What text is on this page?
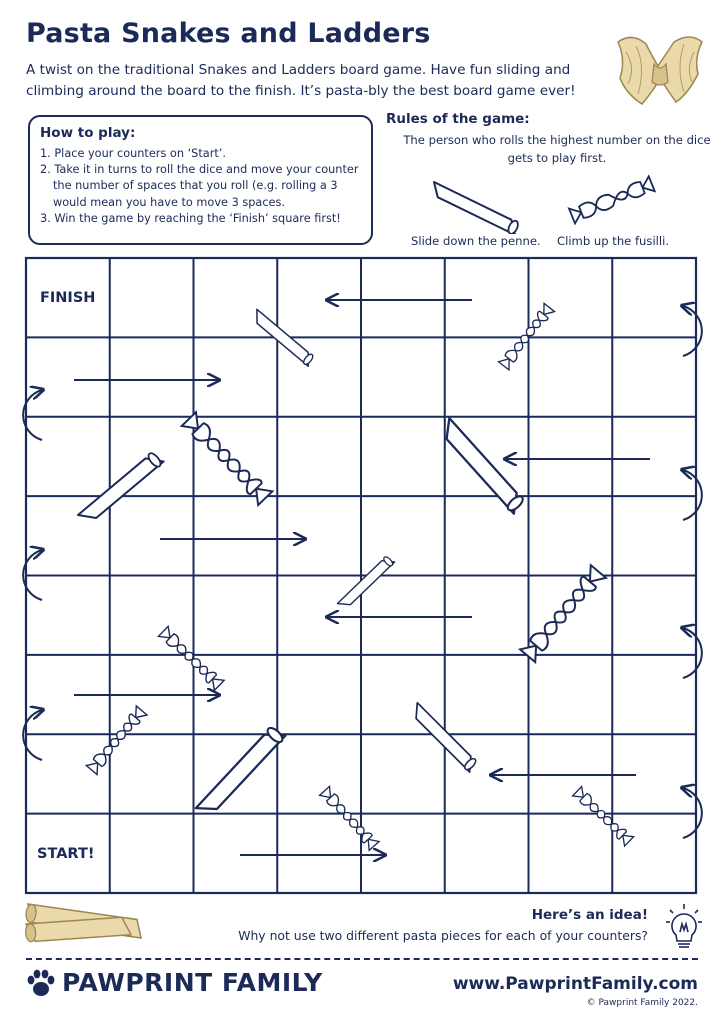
Pasta Snakes and Ladders
A twist on the traditional Snakes and Ladders board game. Have fun sliding and climbing around the board to the finish. It’s pasta-bly the best board game ever!
How to play:
1. Place your counters on ‘Start’.
2. Take it in turns to roll the dice and move your counter the number of spaces that you roll (e.g. rolling a 3 would mean you have to move 3 spaces.
3. Win the game by reaching the ‘Finish’ square first!
Rules of the game:
The person who rolls the highest number on the dice gets to play first.
Slide down the penne. Climb up the fusilli.
FINISH
START!
Here’s an idea!
Why not use two different pasta pieces for each of your counters?
PAWPRINT FAMILY	www.PawprintFamily.com
© Pawprint Family 2022.
